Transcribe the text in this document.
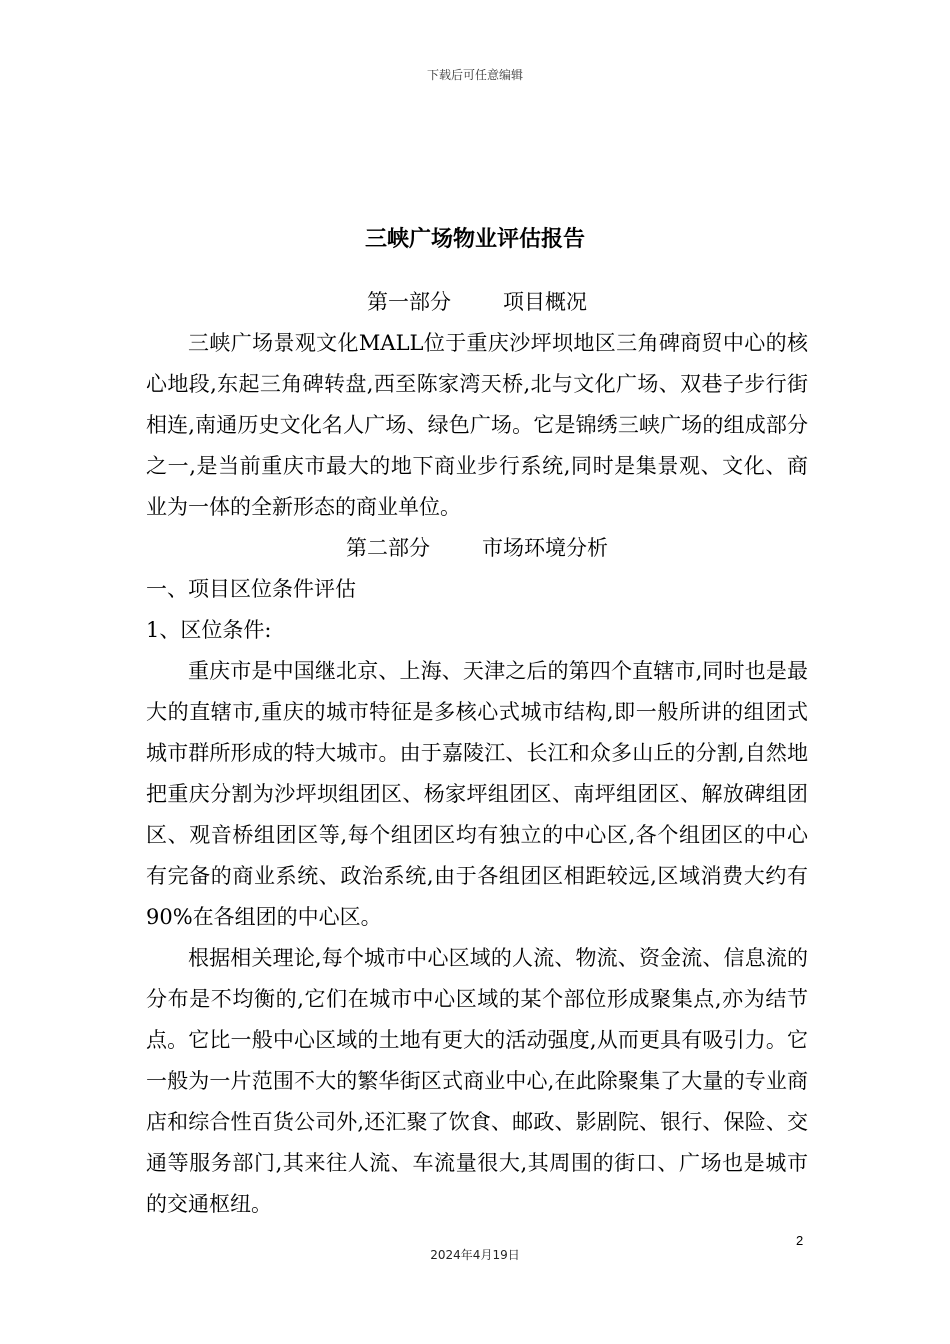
下载后可任意编辑
三峡广场物业评估报告
第一部分 项目概况

三峡广场景观文化MALL位于重庆沙坪坝地区三角碑商贸中心的核心地段,东起三角碑转盘,西至陈家湾天桥,北与文化广场、双巷子步行街相连,南通历史文化名人广场、绿色广场。它是锦绣三峡广场的组成部分之一,是当前重庆市最大的地下商业步行系统,同时是集景观、文化、商业为一体的全新形态的商业单位。

第二部分 市场环境分析

一、项目区位条件评估

1、区位条件:

重庆市是中国继北京、上海、天津之后的第四个直辖市,同时也是最大的直辖市,重庆的城市特征是多核心式城市结构,即一般所讲的组团式城市群所形成的特大城市。由于嘉陵江、长江和众多山丘的分割,自然地把重庆分割为沙坪坝组团区、杨家坪组团区、南坪组团区、解放碑组团区、观音桥组团区等,每个组团区均有独立的中心区,各个组团区的中心有完备的商业系统、政治系统,由于各组团区相距较远,区域消费大约有90%在各组团的中心区。

根据相关理论,每个城市中心区域的人流、物流、资金流、信息流的分布是不均衡的,它们在城市中心区域的某个部位形成聚集点,亦为结节点。它比一般中心区域的土地有更大的活动强度,从而更具有吸引力。它一般为一片范围不大的繁华街区式商业中心,在此除聚集了大量的专业商店和综合性百货公司外,还汇聚了饮食、邮政、影剧院、银行、保险、交通等服务部门,其来往人流、车流量很大,其周围的街口、广场也是城市的交通枢纽。

2
2024年4月19日
